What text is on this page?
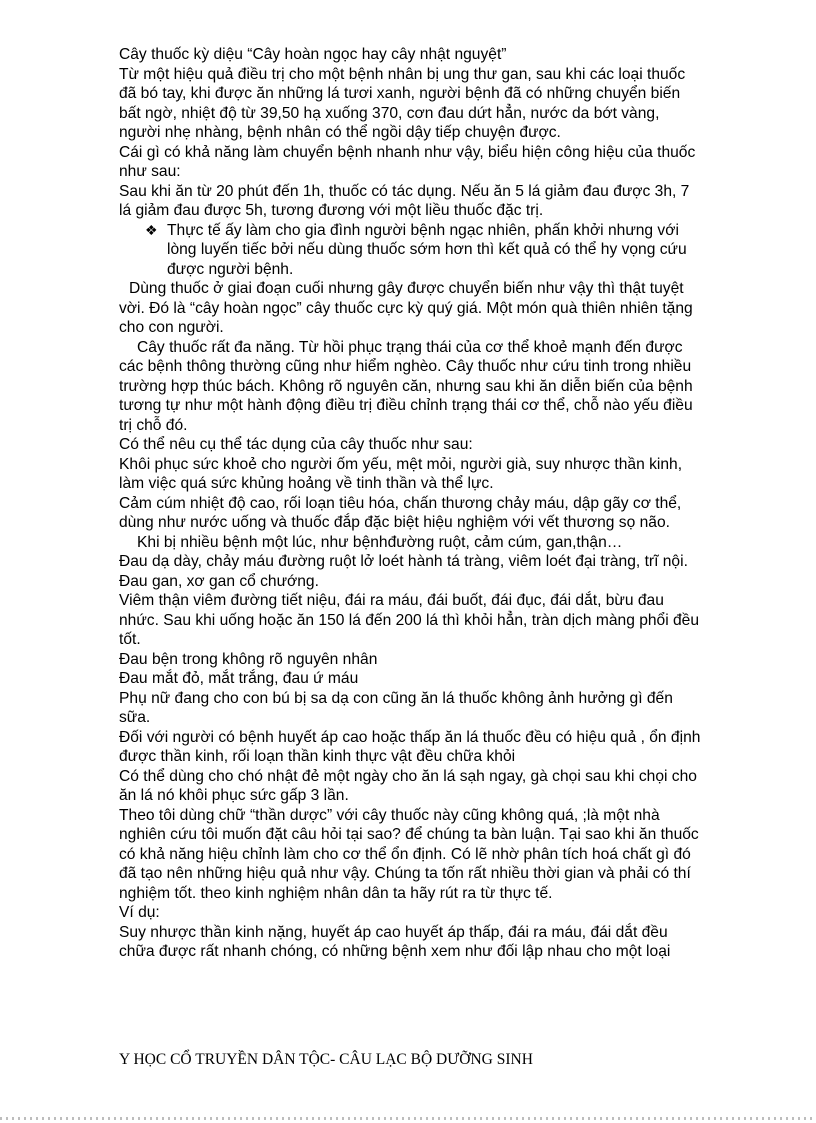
Cây thuốc kỳ diệu “Cây hoàn ngọc hay cây nhật nguyệt”

Từ một hiệu quả điều trị cho một bệnh nhân bị ung thư gan, sau khi các loại thuốc đã bó tay, khi được ăn những lá tươi xanh, người bệnh đã có những chuyển biến bất ngờ, nhiệt độ từ 39,50 hạ xuống 370, cơn đau dứt hẳn, nước da bớt vàng, người nhẹ nhàng, bệnh nhân có thể ngồi dậy tiếp chuyện được.

Cái gì có khả năng làm chuyển bệnh nhanh như vậy, biểu hiện công hiệu của thuốc như sau:

Sau khi ăn từ 20 phút đến 1h, thuốc có tác dụng. Nếu ăn 5 lá giảm đau được 3h, 7 lá giảm đau được 5h, tương đương với một liều thuốc đặc trị.

❖ Thực tế ấy làm cho gia đình người bệnh ngạc nhiên, phấn khởi nhưng với lòng luyến tiếc bởi nếu dùng thuốc sớm hơn thì kết quả có thể hy vọng cứu được người bệnh.

Dùng thuốc ở giai đoạn cuối nhưng gây được chuyển biến như vậy thì thật tuyệt vời. Đó là “cây hoàn ngọc” cây thuốc cực kỳ quý giá. Một món quà thiên nhiên tặng cho con người.

Cây thuốc rất đa năng. Từ hồi phục trạng thái của cơ thể khoẻ mạnh đến được các bệnh thông thường cũng như hiểm nghèo. Cây thuốc như cứu tinh trong nhiều trường hợp thúc bách. Không rõ nguyên căn, nhưng sau khi ăn diễn biến của bệnh tương tự như một hành động điều trị điều chỉnh trạng thái cơ thể, chỗ nào yếu điều trị chỗ đó.

Có thể nêu cụ thể tác dụng của cây thuốc như sau:

Khôi phục sức khoẻ cho người ốm yếu, mệt mỏi, người già, suy nhược thần kinh, làm việc quá sức khủng hoảng về tinh thần và thể lực.

Cảm cúm nhiệt độ cao, rối loạn tiêu hóa, chấn thương chảy máu, dập gãy cơ thể, dùng như nước uống và thuốc đắp đặc biệt hiệu nghiệm với vết thương sọ não.

Khi bị nhiều bệnh một lúc, như bệnhđường ruột, cảm cúm, gan,thận…

Đau dạ dày, chảy máu đường ruột lở loét hành tá tràng, viêm loét đại tràng, trĩ nội.

Đau gan, xơ gan cổ chướng.

Viêm thận viêm đường tiết niệu, đái ra máu, đái buốt, đái đục, đái dắt, bừu đau nhức. Sau khi uống hoặc ăn 150 lá đến 200 lá thì khỏi hẳn, tràn dịch màng phổi đều tốt.

Đau bện trong không rõ nguyên nhân

Đau mắt đỏ, mắt trắng, đau ứ máu

Phụ nữ đang cho con bú bị sa dạ con cũng ăn lá thuốc không ảnh hưởng gì đến sữa.

Đối với người có bệnh huyết áp cao hoặc thấp ăn lá thuốc đều có hiệu quả , ổn định được thần kinh, rối loạn thần kinh thực vật đều chữa khỏi

Có thể dùng cho chó nhật đẻ một ngày cho ăn lá sạh ngay, gà chọi sau khi chọi cho ăn lá nó khôi phục sức gấp 3 lần.

Theo tôi dùng chữ “thần dược” với cây thuốc này cũng không quá, ;là một nhà nghiên cứu tôi muốn đặt câu hỏi tại sao? để chúng ta bàn luận. Tại sao khi ăn thuốc có khả năng hiệu chỉnh làm cho cơ thể ổn định. Có lẽ nhờ phân tích hoá chất gì đó đã tạo nên những hiệu quả như vậy. Chúng ta tốn rất nhiều thời gian và phải có thí nghiệm tốt. theo kinh nghiệm nhân dân ta hãy rút ra từ thực tế.

Ví dụ:

Suy nhược thần kinh nặng, huyết áp cao huyết áp thấp, đái ra máu, đái dắt đều chữa được rất nhanh chóng, có những bệnh xem như đối lập nhau cho một loại

Y HỌC CỔ TRUYỀN DÂN TỘC- CÂU LẠC BỘ DƯỠNG SINH
